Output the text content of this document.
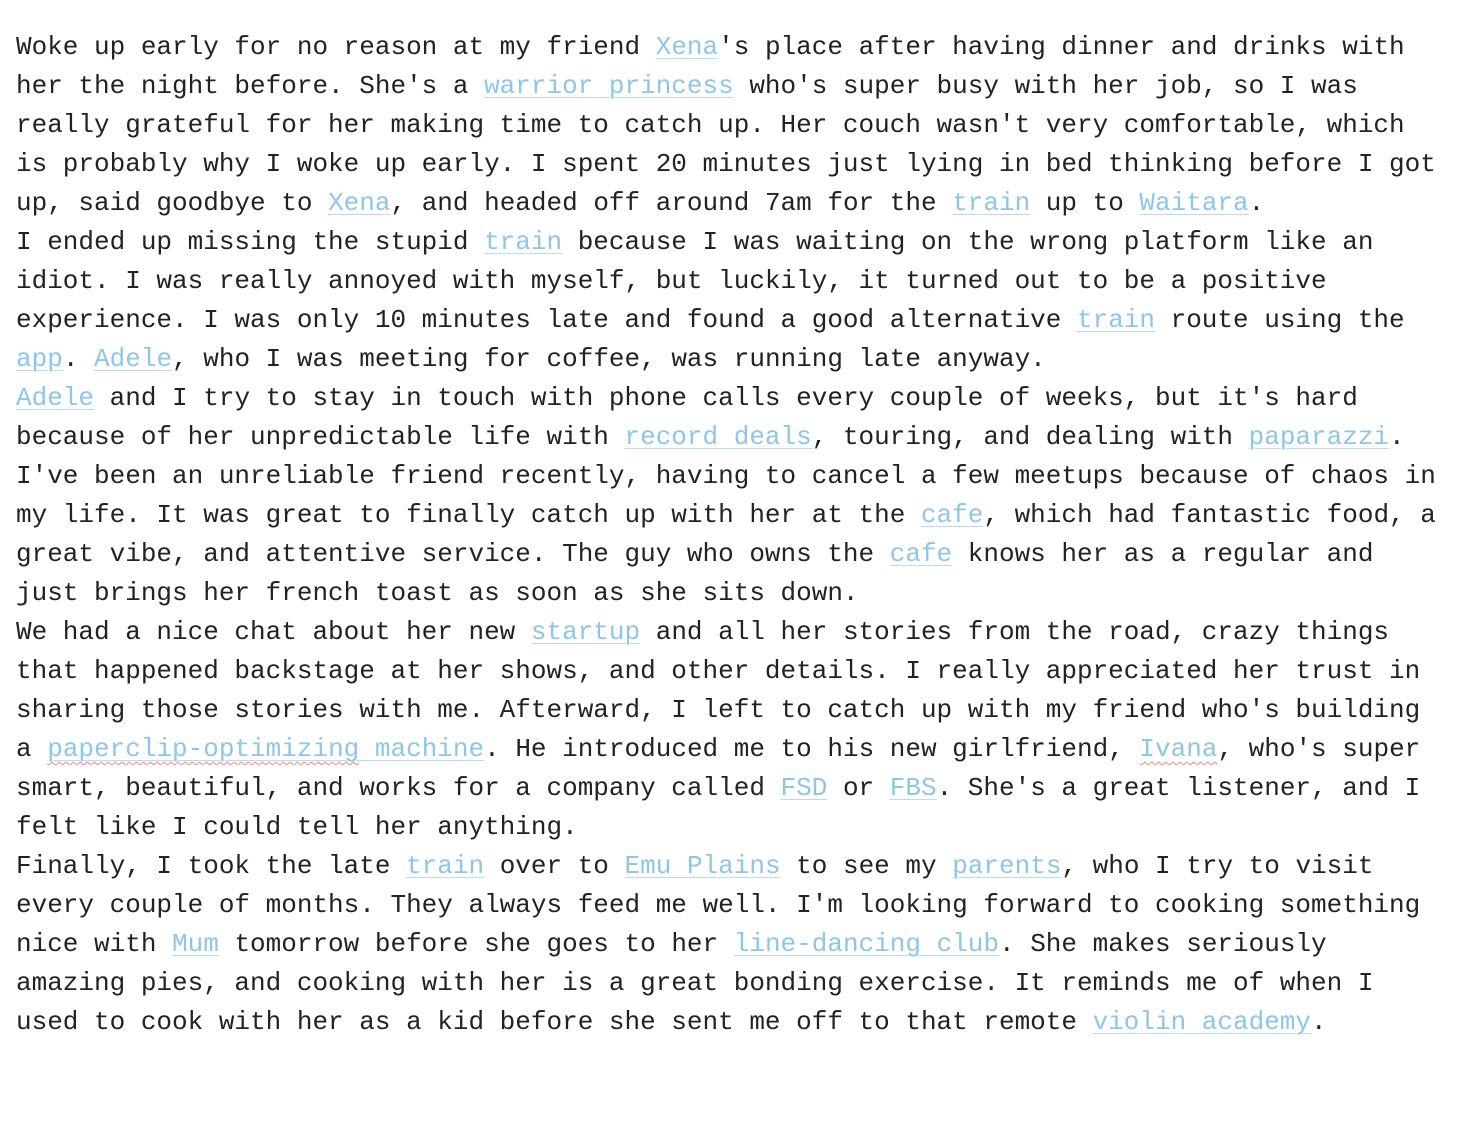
Woke up early for no reason at my friend Xena's place after having dinner and drinks with her the night before. She's a warrior princess who's super busy with her job, so I was really grateful for her making time to catch up. Her couch wasn't very comfortable, which is probably why I woke up early. I spent 20 minutes just lying in bed thinking before I got up, said goodbye to Xena, and headed off around 7am for the train up to Waitara.

I ended up missing the stupid train because I was waiting on the wrong platform like an idiot. I was really annoyed with myself, but luckily, it turned out to be a positive experience. I was only 10 minutes late and found a good alternative train route using the app. Adele, who I was meeting for coffee, was running late anyway.

Adele and I try to stay in touch with phone calls every couple of weeks, but it's hard because of her unpredictable life with record deals, touring, and dealing with paparazzi. I've been an unreliable friend recently, having to cancel a few meetups because of chaos in my life. It was great to finally catch up with her at the cafe, which had fantastic food, a great vibe, and attentive service. The guy who owns the cafe knows her as a regular and just brings her french toast as soon as she sits down.

We had a nice chat about her new startup and all her stories from the road, crazy things that happened backstage at her shows, and other details. I really appreciated her trust in sharing those stories with me. Afterward, I left to catch up with my friend who's building a paperclip-optimizing machine. He introduced me to his new girlfriend, Ivana, who's super smart, beautiful, and works for a company called FSD or FBS. She's a great listener, and I felt like I could tell her anything.

Finally, I took the late train over to Emu Plains to see my parents, who I try to visit every couple of months. They always feed me well. I'm looking forward to cooking something nice with Mum tomorrow before she goes to her line-dancing club. She makes seriously amazing pies, and cooking with her is a great bonding exercise. It reminds me of when I used to cook with her as a kid before she sent me off to that remote violin academy.
